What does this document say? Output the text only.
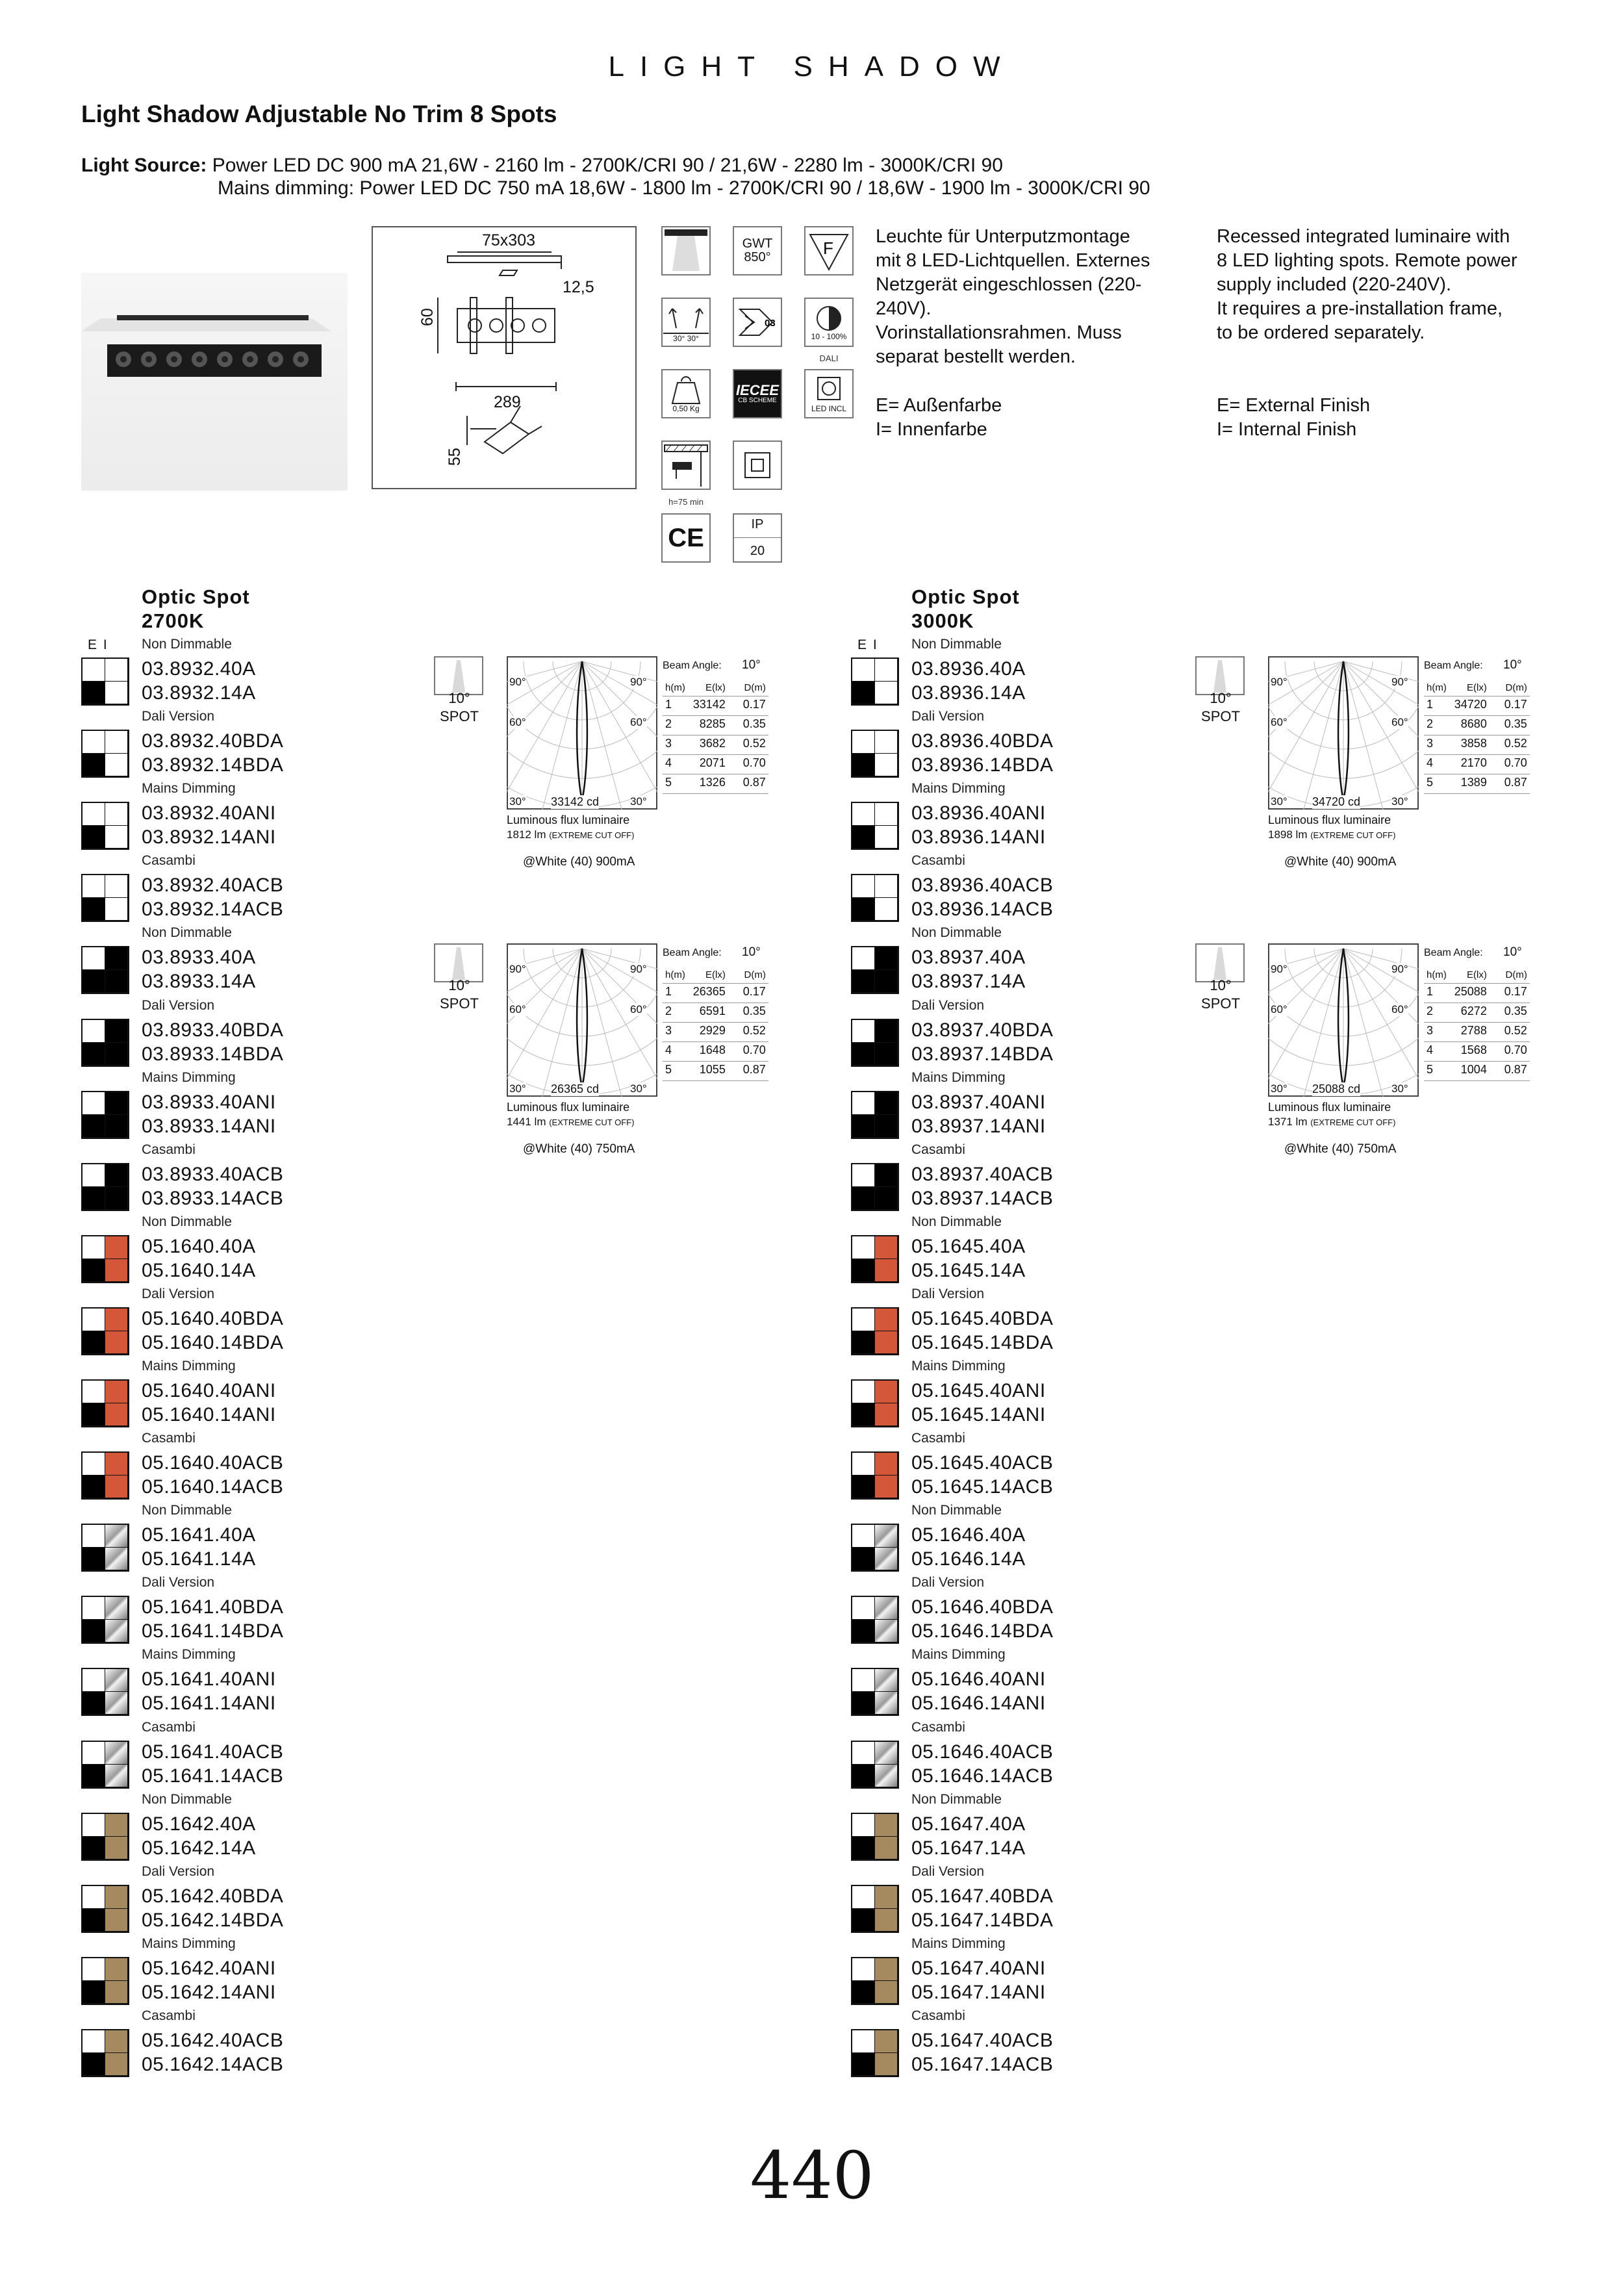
LIGHT SHADOW
Light Shadow Adjustable No Trim 8 Spots
Light Source: Power LED DC 900 mA 21,6W - 2160 lm - 2700K/CRI 90 / 21,6W - 2280 lm - 3000K/CRI 90
Mains dimming: Power LED DC 750 mA 18,6W - 1800 lm - 2700K/CRI 90 / 18,6W - 1900 lm - 3000K/CRI 90
75x303
12,5
60
289
55
30° 30°
0,50 Kg
h=75 min
CE
GWT
850°
03
IECEE
CB SCHEME
IP
20
F
10 - 100%
DALI
LED INCL
Leuchte für Unterputzmontage
mit 8 LED-Lichtquellen. Externes
Netzgerät eingeschlossen (220-
240V).
Vorinstallationsrahmen. Muss
separat bestellt werden.
Recessed integrated luminaire with
8 LED lighting spots. Remote power
supply included (220-240V).
It requires a pre-installation frame,
to be ordered separately.
E= Außenfarbe
I= Innenfarbe
E= External Finish
I= Internal Finish
Optic Spot
2700K
E I Non Dimmable
03.8932.40A
03.8932.14A
Dali Version
03.8932.40BDA
03.8932.14BDA
Mains Dimming
03.8932.40ANI
03.8932.14ANI
Casambi
03.8932.40ACB
03.8932.14ACB
Non Dimmable
03.8933.40A
03.8933.14A
Dali Version
03.8933.40BDA
03.8933.14BDA
Mains Dimming
03.8933.40ANI
03.8933.14ANI
Casambi
03.8933.40ACB
03.8933.14ACB
Non Dimmable
05.1640.40A
05.1640.14A
Dali Version
05.1640.40BDA
05.1640.14BDA
Mains Dimming
05.1640.40ANI
05.1640.14ANI
Casambi
05.1640.40ACB
05.1640.14ACB
Non Dimmable
05.1641.40A
05.1641.14A
Dali Version
05.1641.40BDA
05.1641.14BDA
Mains Dimming
05.1641.40ANI
05.1641.14ANI
Casambi
05.1641.40ACB
05.1641.14ACB
Non Dimmable
05.1642.40A
05.1642.14A
Dali Version
05.1642.40BDA
05.1642.14BDA
Mains Dimming
05.1642.40ANI
05.1642.14ANI
Casambi
05.1642.40ACB
05.1642.14ACB
10°
SPOT
90°	90°
60°	60°
30°	30°
33142 cd
Luminous flux luminaire
1812 lm (EXTREME CUT OFF)
@White (40) 900mA
Beam Angle: 10°
h(m)	E(lx)	D(m)
1	33142	0.17
2	8285	0.35
3	3682	0.52
4	2071	0.70
5	1326	0.87
10°
SPOT
90°	90°
60°	60°
30°	30°
26365 cd
Luminous flux luminaire
1441 lm (EXTREME CUT OFF)
@White (40) 750mA
Beam Angle: 10°
h(m)	E(lx)	D(m)
1	26365	0.17
2	6591	0.35
3	2929	0.52
4	1648	0.70
5	1055	0.87
Optic Spot
3000K
E I Non Dimmable
03.8936.40A
03.8936.14A
Dali Version
03.8936.40BDA
03.8936.14BDA
Mains Dimming
03.8936.40ANI
03.8936.14ANI
Casambi
03.8936.40ACB
03.8936.14ACB
Non Dimmable
03.8937.40A
03.8937.14A
Dali Version
03.8937.40BDA
03.8937.14BDA
Mains Dimming
03.8937.40ANI
03.8937.14ANI
Casambi
03.8937.40ACB
03.8937.14ACB
Non Dimmable
05.1645.40A
05.1645.14A
Dali Version
05.1645.40BDA
05.1645.14BDA
Mains Dimming
05.1645.40ANI
05.1645.14ANI
Casambi
05.1645.40ACB
05.1645.14ACB
Non Dimmable
05.1646.40A
05.1646.14A
Dali Version
05.1646.40BDA
05.1646.14BDA
Mains Dimming
05.1646.40ANI
05.1646.14ANI
Casambi
05.1646.40ACB
05.1646.14ACB
Non Dimmable
05.1647.40A
05.1647.14A
Dali Version
05.1647.40BDA
05.1647.14BDA
Mains Dimming
05.1647.40ANI
05.1647.14ANI
Casambi
05.1647.40ACB
05.1647.14ACB
10°
SPOT
90°	90°
60°	60°
30°	30°
34720 cd
Luminous flux luminaire
1898 lm (EXTREME CUT OFF)
@White (40) 900mA
Beam Angle: 10°
h(m)	E(lx)	D(m)
1	34720	0.17
2	8680	0.35
3	3858	0.52
4	2170	0.70
5	1389	0.87
10°
SPOT
90°	90°
60°	60°
30°	30°
25088 cd
Luminous flux luminaire
1371 lm (EXTREME CUT OFF)
@White (40) 750mA
Beam Angle: 10°
h(m)	E(lx)	D(m)
1	25088	0.17
2	6272	0.35
3	2788	0.52
4	1568	0.70
5	1004	0.87
440
